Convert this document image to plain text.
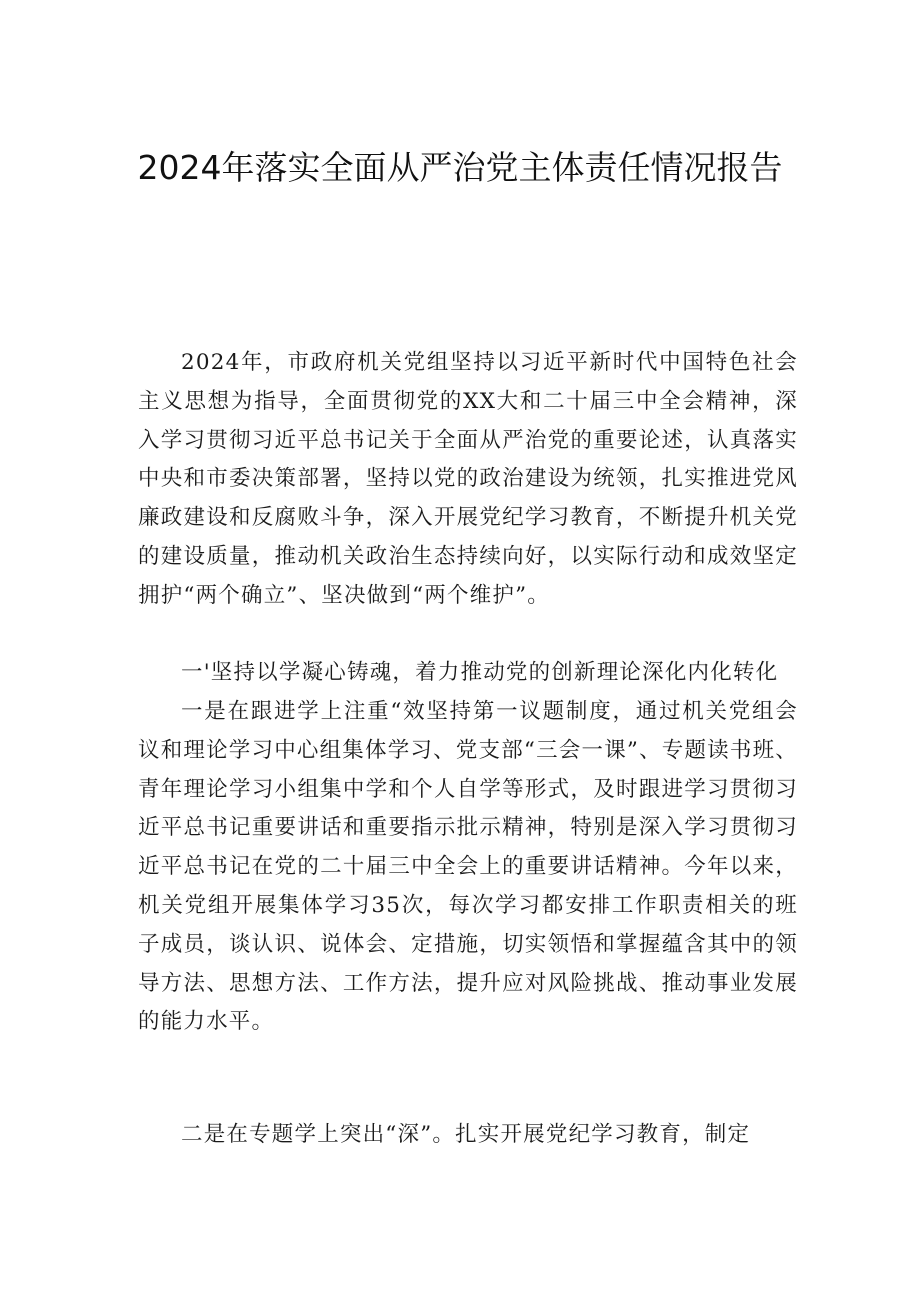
2024年落实全面从严治党主体责任情况报告

2024年，市政府机关党组坚持以习近平新时代中国特色社会主义思想为指导，全面贯彻党的XX大和二十届三中全会精神，深入学习贯彻习近平总书记关于全面从严治党的重要论述，认真落实中央和市委决策部署，坚持以党的政治建设为统领，扎实推进党风廉政建设和反腐败斗争，深入开展党纪学习教育，不断提升机关党的建设质量，推动机关政治生态持续向好，以实际行动和成效坚定拥护“两个确立”、坚决做到“两个维护”。

一'坚持以学凝心铸魂，着力推动党的创新理论深化内化转化

一是在跟进学上注重“效坚持第一议题制度，通过机关党组会议和理论学习中心组集体学习、党支部“三会一课”、专题读书班、青年理论学习小组集中学和个人自学等形式，及时跟进学习贯彻习近平总书记重要讲话和重要指示批示精神，特别是深入学习贯彻习近平总书记在党的二十届三中全会上的重要讲话精神。今年以来，机关党组开展集体学习35次，每次学习都安排工作职责相关的班子成员，谈认识、说体会、定措施，切实领悟和掌握蕴含其中的领导方法、思想方法、工作方法，提升应对风险挑战、推动事业发展的能力水平。

二是在专题学上突出“深”。扎实开展党纪学习教育，制定
